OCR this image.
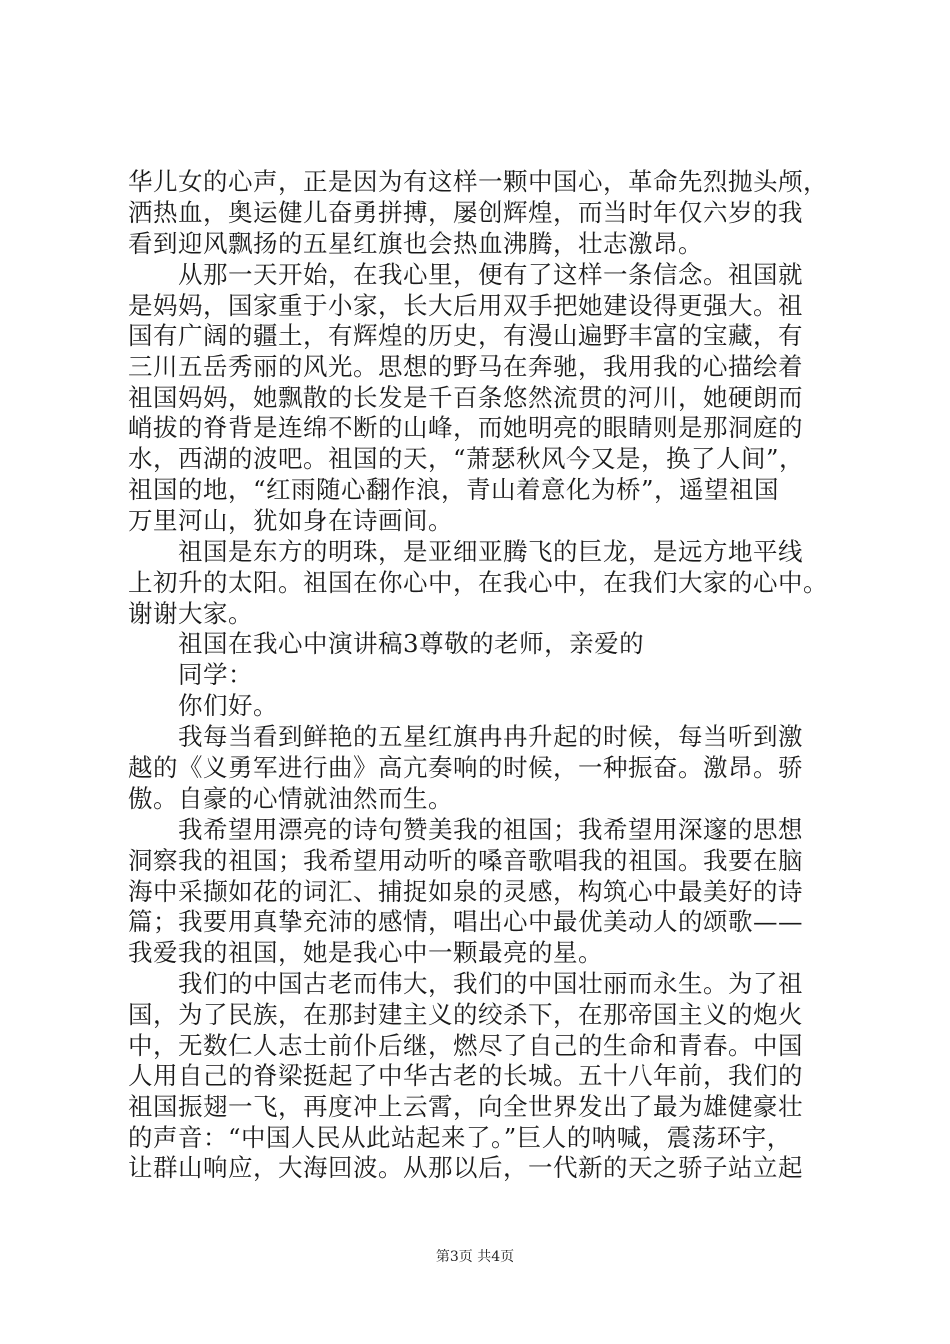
华儿女的心声，正是因为有这样一颗中国心，革命先烈抛头颅，
洒热血，奥运健儿奋勇拼搏，屡创辉煌，而当时年仅六岁的我
看到迎风飘扬的五星红旗也会热血沸腾，壮志激昂。
从那一天开始，在我心里，便有了这样一条信念。祖国就
是妈妈，国家重于小家，长大后用双手把她建设得更强大。祖
国有广阔的疆土，有辉煌的历史，有漫山遍野丰富的宝藏，有
三川五岳秀丽的风光。思想的野马在奔驰，我用我的心描绘着
祖国妈妈，她飘散的长发是千百条悠然流贯的河川，她硬朗而
峭拔的脊背是连绵不断的山峰，而她明亮的眼睛则是那洞庭的
水，西湖的波吧。祖国的天，“萧瑟秋风今又是，换了人间”，
祖国的地，“红雨随心翻作浪，青山着意化为桥”，遥望祖国
万里河山，犹如身在诗画间。
祖国是东方的明珠，是亚细亚腾飞的巨龙，是远方地平线
上初升的太阳。祖国在你心中，在我心中，在我们大家的心中。
谢谢大家。
祖国在我心中演讲稿3尊敬的老师，亲爱的
同学：
你们好。
我每当看到鲜艳的五星红旗冉冉升起的时候，每当听到激
越的《义勇军进行曲》高亢奏响的时候，一种振奋。激昂。骄
傲。自豪的心情就油然而生。
我希望用漂亮的诗句赞美我的祖国；我希望用深邃的思想
洞察我的祖国；我希望用动听的嗓音歌唱我的祖国。我要在脑
海中采撷如花的词汇、捕捉如泉的灵感，构筑心中最美好的诗
篇；我要用真挚充沛的感情，唱出心中最优美动人的颂歌——
我爱我的祖国，她是我心中一颗最亮的星。
我们的中国古老而伟大，我们的中国壮丽而永生。为了祖
国，为了民族，在那封建主义的绞杀下，在那帝国主义的炮火
中，无数仁人志士前仆后继，燃尽了自己的生命和青春。中国
人用自己的脊梁挺起了中华古老的长城。五十八年前，我们的
祖国振翅一飞，再度冲上云霄，向全世界发出了最为雄健豪壮
的声音：“中国人民从此站起来了。”巨人的呐喊，震荡环宇，
让群山响应，大海回波。从那以后，一代新的天之骄子站立起
第3页 共4页
